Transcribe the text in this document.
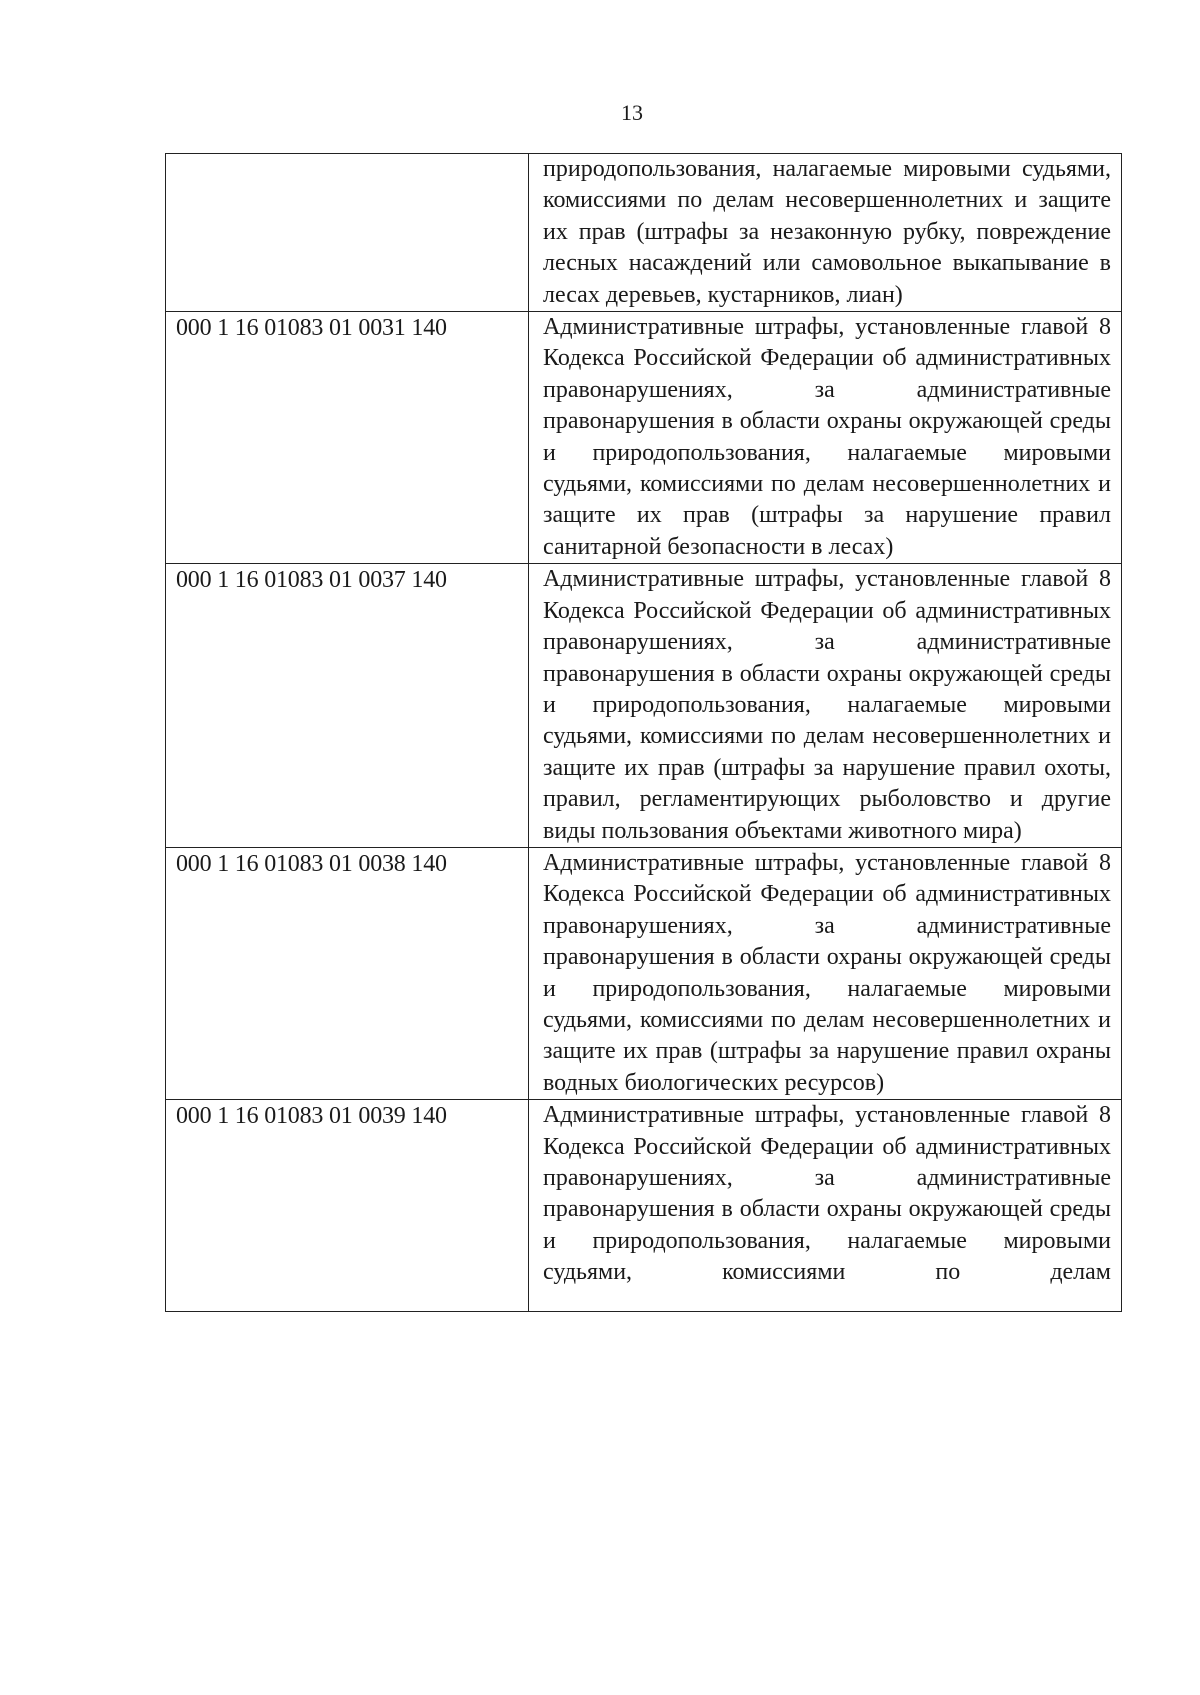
13
	природопользования, налагаемые мировыми судьями, комиссиями по делам несовершеннолетних и защите их прав (штрафы за незаконную рубку, повреждение лесных насаждений или самовольное выкапывание в лесах деревьев, кустарников, лиан)
000 1 16 01083 01 0031 140	Административные штрафы, установленные главой 8 Кодекса Российской Федерации об административных правонарушениях, за административные правонарушения в области охраны окружающей среды и природопользования, налагаемые мировыми судьями, комиссиями по делам несовершеннолетних и защите их прав (штрафы за нарушение правил санитарной безопасности в лесах)
000 1 16 01083 01 0037 140	Административные штрафы, установленные главой 8 Кодекса Российской Федерации об административных правонарушениях, за административные правонарушения в области охраны окружающей среды и природопользования, налагаемые мировыми судьями, комиссиями по делам несовершеннолетних и защите их прав (штрафы за нарушение правил охоты, правил, регламентирующих рыболовство и другие виды пользования объектами животного мира)
000 1 16 01083 01 0038 140	Административные штрафы, установленные главой 8 Кодекса Российской Федерации об административных правонарушениях, за административные правонарушения в области охраны окружающей среды и природопользования, налагаемые мировыми судьями, комиссиями по делам несовершеннолетних и защите их прав (штрафы за нарушение правил охраны водных биологических ресурсов)
000 1 16 01083 01 0039 140	Административные штрафы, установленные главой 8 Кодекса Российской Федерации об административных правонарушениях, за административные правонарушения в области охраны окружающей среды и природопользования, налагаемые мировыми судьями, комиссиями по делам
